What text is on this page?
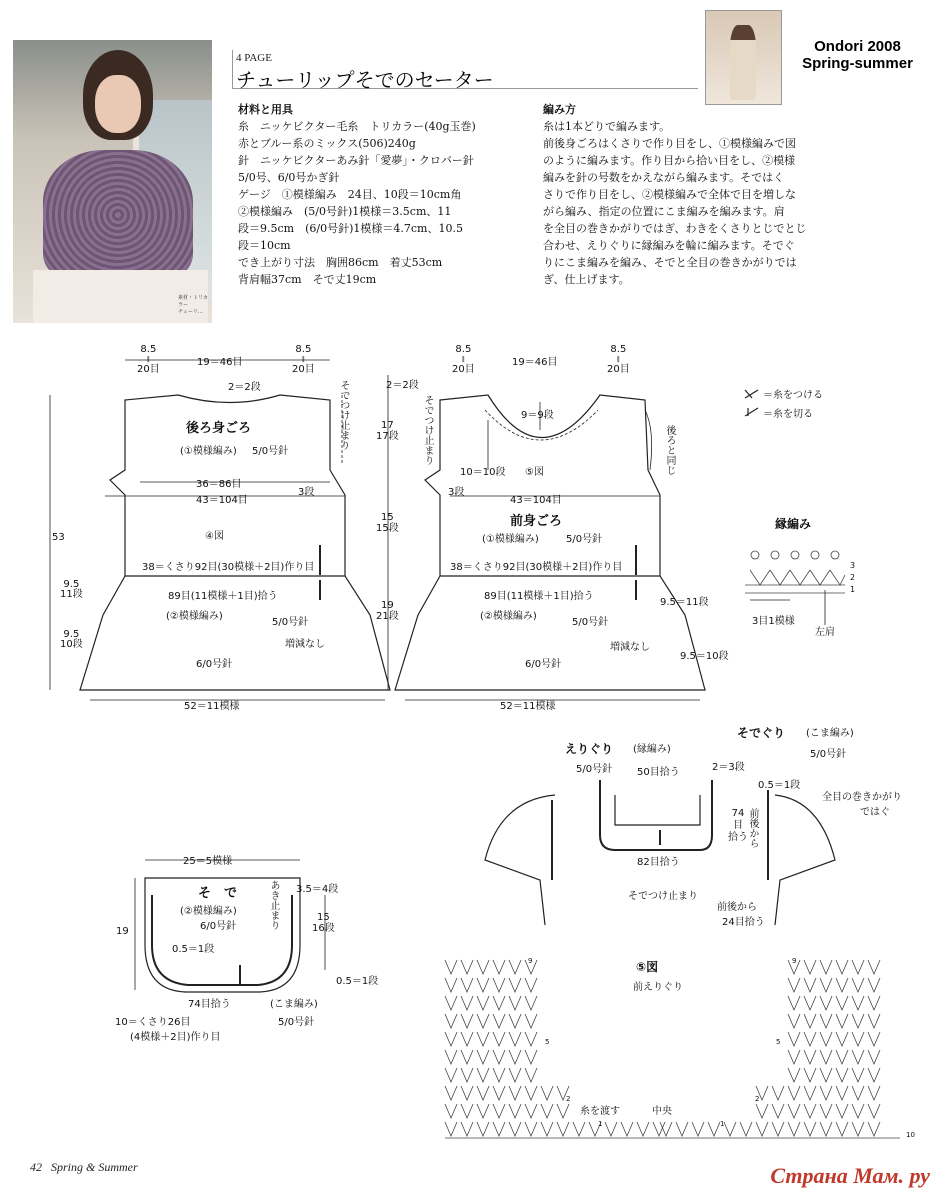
素材・トリカラー
チューリ…
Ondori 2008
Spring-summer
4 PAGE
チューリップそでのセーター
材料と用具
糸　ニッケビクター毛糸　トリカラー(40g玉巻)
赤とブルー系のミックス(506)240g
針　ニッケビクターあみ針「愛夢」・クロバー針
5/0号、6/0号かぎ針
ゲージ　①模様編み　24目、10段＝10cm角
②模様編み　(5/0号針)1模様＝3.5cm、11
段＝9.5cm　(6/0号針)1模様＝4.7cm、10.5
段＝10cm
でき上がり寸法　胸囲86cm　着丈53cm
背肩幅37cm　そで丈19cm
編み方
糸は1本どりで編みます。
前後身ごろはくさりで作り目をし、①模様編みで図
のように編みます。作り目から拾い目をし、②模様
編みを針の号数をかえながら編みます。そではく
さりで作り目をし、②模様編みで全体で目を増しな
がら編み、指定の位置にこま編みを編みます。肩
を全目の巻きかがりではぎ、わきをくさりとじでとじ
合わせ、えりぐりに縁編みを輪に編みます。そでぐ
りにこま編みを編み、そでと全目の巻きかがりでは
ぎ、仕上げます。
8.5
‖
20目
19＝46目
8.5
‖
20目
2＝2段
後ろ身ごろ
(①模様編み) 5/0号針
そでつけ止まり
36＝86目
3段
43＝104目
④図
38＝くさり92目(30模様＋2目)作り目
89目(11模様＋1目)拾う
(②模様編み)
5/0号針
増減なし
6/0号針
53
9.5
11段
9.5
10段
52＝11模様
2＝2段
17
17段
15
15段
19
21段
8.5
‖
20目
19＝46目
8.5
‖
20目
9＝9段
そでつけ止まり	後ろと同じ
10＝10段 ⑤図
3段
43＝104目
前身ごろ
(①模様編み)	5/0号針
38＝くさり92目(30模様＋2目)作り目
89目(11模様＋1目)拾う
(②模様編み)
5/0号針
増減なし
6/0号針
9.5＝11段
9.5＝10段
52＝11模様
＝糸をつける
＝糸を切る
縁編み
3
2
1
3目1模様
左肩
25＝5模様
そ　で
(②模様編み)
6/0号針
3.5＝4段
あき止まり
19
15
16段
0.5＝1段
0.5＝1段
74目拾う	(こま編み)
5/0号針
10＝くさり26目
(4模様＋2目)作り目
えりぐり (縁編み)
5/0号針 50目拾う	2＝3段
82目拾う
そでつけ止まり
そでぐり (こま編み)
5/0号針
0.5＝1段
全目の巻きかがり
ではぐ
74
目
拾う 前後から
前後から
24目拾う
⑤図
前えりぐり
糸を渡す	中央
9
5
2
1
9
5
2
1
10
42 Spring & Summer	Страна Мам. ру
